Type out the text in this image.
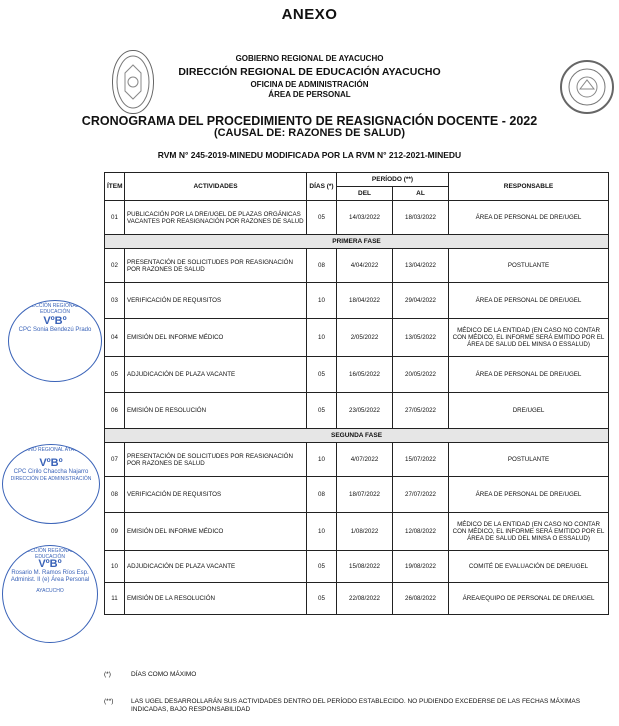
ANEXO
GOBIERNO REGIONAL DE AYACUCHO
DIRECCIÓN REGIONAL DE EDUCACIÓN AYACUCHO
OFICINA DE ADMINISTRACIÓN
ÁREA DE PERSONAL
CRONOGRAMA DEL PROCEDIMIENTO DE REASIGNACIÓN DOCENTE - 2022
(CAUSAL DE: RAZONES DE SALUD)
RVM N° 245-2019-MINEDU MODIFICADA POR LA RVM N° 212-2021-MINEDU
ÍTEM	ACTIVIDADES	DÍAS (*)	PERÍODO (**)		RESPONSABLE
			DEL	AL	
01	PUBLICACIÓN POR LA DRE/UGEL DE PLAZAS ORGÁNICAS VACANTES POR REASIGNACIÓN POR RAZONES DE SALUD	05	14/03/2022	18/03/2022	ÁREA DE PERSONAL DE DRE/UGEL
PRIMERA FASE					
02	PRESENTACIÓN DE SOLICITUDES POR REASIGNACIÓN POR RAZONES DE SALUD	08	4/04/2022	13/04/2022	POSTULANTE
03	VERIFICACIÓN DE REQUISITOS	10	18/04/2022	29/04/2022	ÁREA DE PERSONAL DE DRE/UGEL
04	EMISIÓN DEL INFORME MÉDICO	10	2/05/2022	13/05/2022	MÉDICO DE LA ENTIDAD (EN CASO NO CONTAR CON MÉDICO, EL INFORME SERÁ EMITIDO POR EL ÁREA DE SALUD DEL MINSA O ESSALUD)
05	ADJUDICACIÓN DE PLAZA VACANTE	05	16/05/2022	20/05/2022	ÁREA DE PERSONAL DE DRE/UGEL
06	EMISIÓN DE RESOLUCIÓN	05	23/05/2022	27/05/2022	DRE/UGEL
SEGUNDA FASE					
07	PRESENTACIÓN DE SOLICITUDES POR REASIGNACIÓN POR RAZONES DE SALUD	10	4/07/2022	15/07/2022	POSTULANTE
08	VERIFICACIÓN DE REQUISITOS	08	18/07/2022	27/07/2022	ÁREA DE PERSONAL DE DRE/UGEL
09	EMISIÓN DEL INFORME MÉDICO	10	1/08/2022	12/08/2022	MÉDICO DE LA ENTIDAD (EN CASO NO CONTAR CON MÉDICO, EL INFORME SERÁ EMITIDO POR EL ÁREA DE SALUD DEL MINSA O ESSALUD)
10	ADJUDICACIÓN DE PLAZA VACANTE	05	15/08/2022	19/08/2022	COMITÉ DE EVALUACIÓN DE DRE/UGEL
11	EMISIÓN DE LA RESOLUCIÓN	05	22/08/2022	26/08/2022	ÁREA/EQUIPO DE PERSONAL DE DRE/UGEL
DIRECCIÓN REGIONAL DE EDUCACIÓN
VºBº
CPC Sonia Bendezú Prado
GOBIERNO REGIONAL AYACUCHO
VºBº
CPC Cirilo Chaccha Najarro
DIRECCIÓN DE ADMINISTRACIÓN
DIRECCIÓN REGIONAL DE EDUCACIÓN
VºBº
Rosario M. Ramos Ríos Esp. Administ. II (e) Área Personal
AYACUCHO
(*)	DÍAS COMO MÁXIMO
(**)	LAS UGEL DESARROLLARÁN SUS ACTIVIDADES DENTRO DEL PERÍODO ESTABLECIDO. NO PUDIENDO EXCEDERSE DE LAS FECHAS MÁXIMAS INDICADAS, BAJO RESPONSABILIDAD
